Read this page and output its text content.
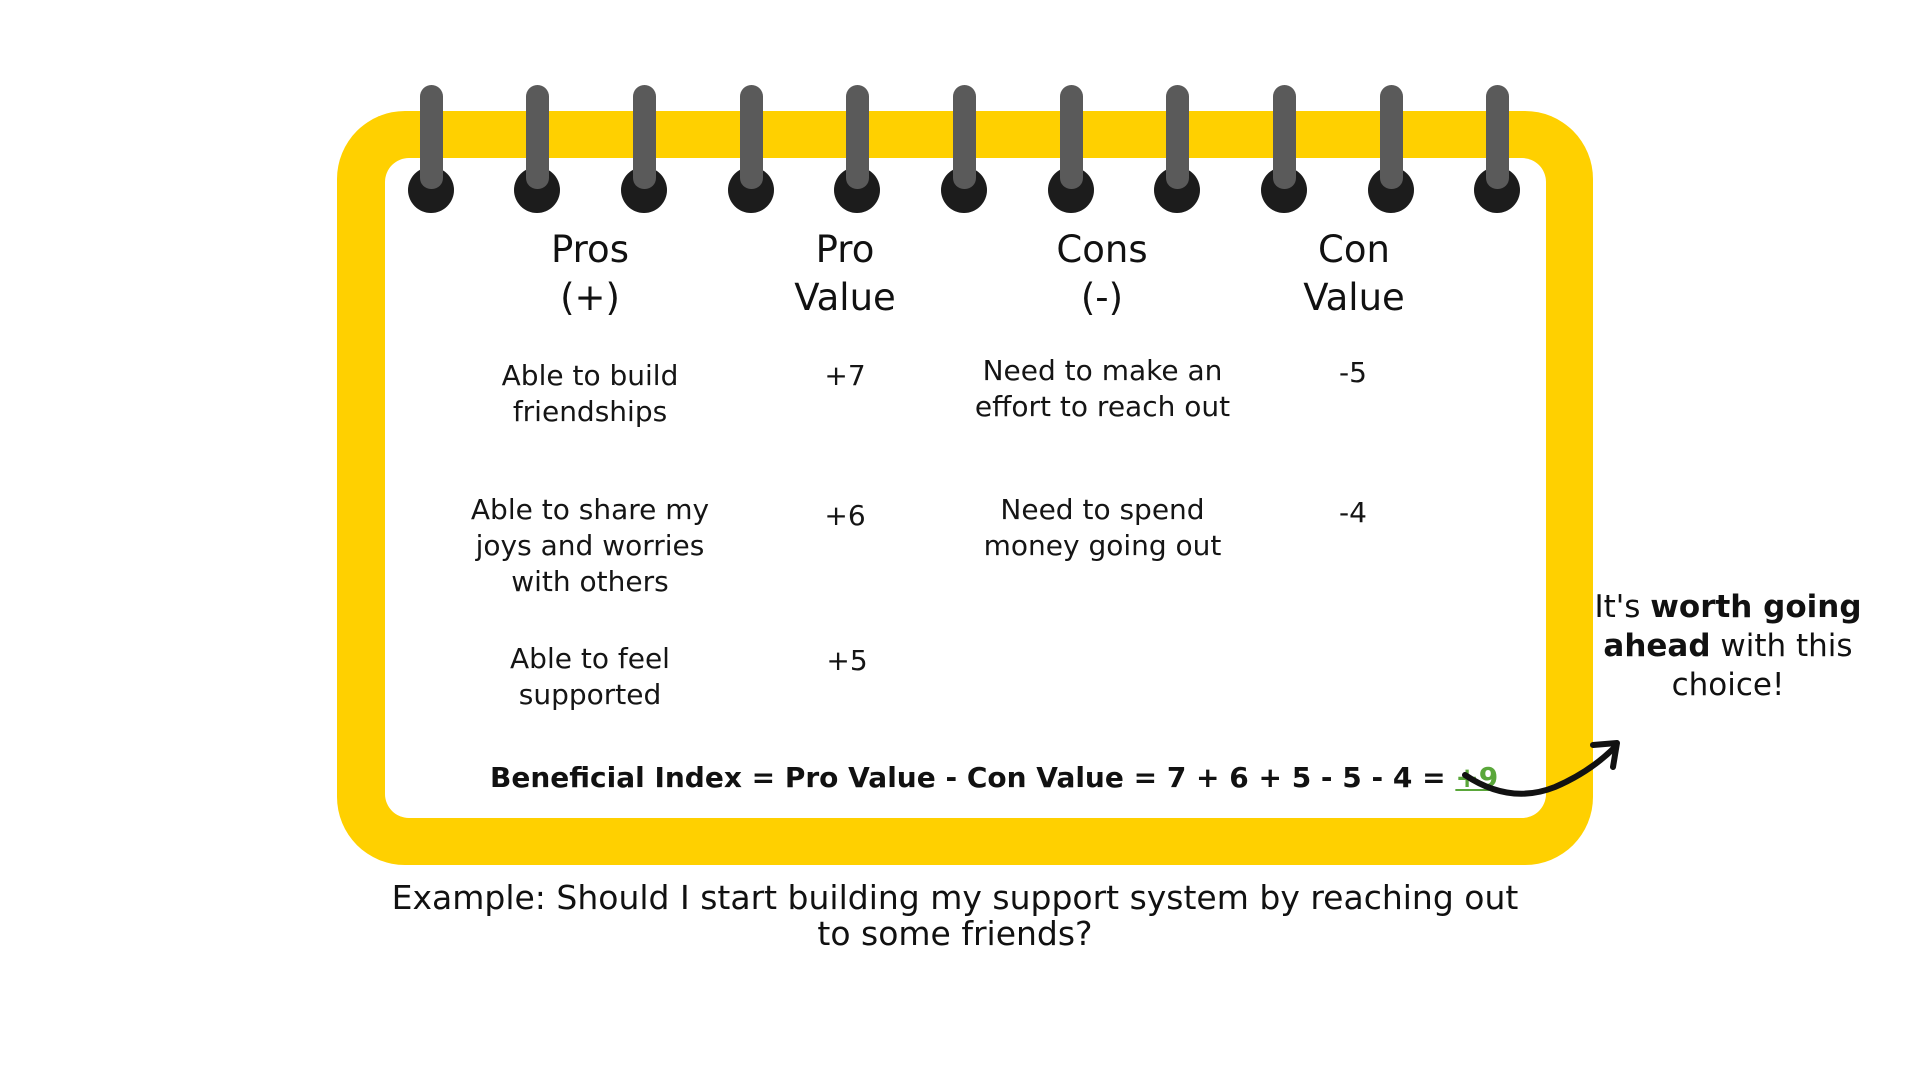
Pros
(+)
Pro
Value
Cons
(-)
Con
Value
Able to build friendships
Able to share my joys and worries with others
Able to feel supported
+7
+6
+5
Need to make an effort to reach out
Need to spend money going out
-5
-4
Beneficial Index = Pro Value - Con Value = 7 + 6 + 5 - 5 - 4 = +9
It's worth going ahead with this choice!
Example: Should I start building my support system by reaching out to some friends?
